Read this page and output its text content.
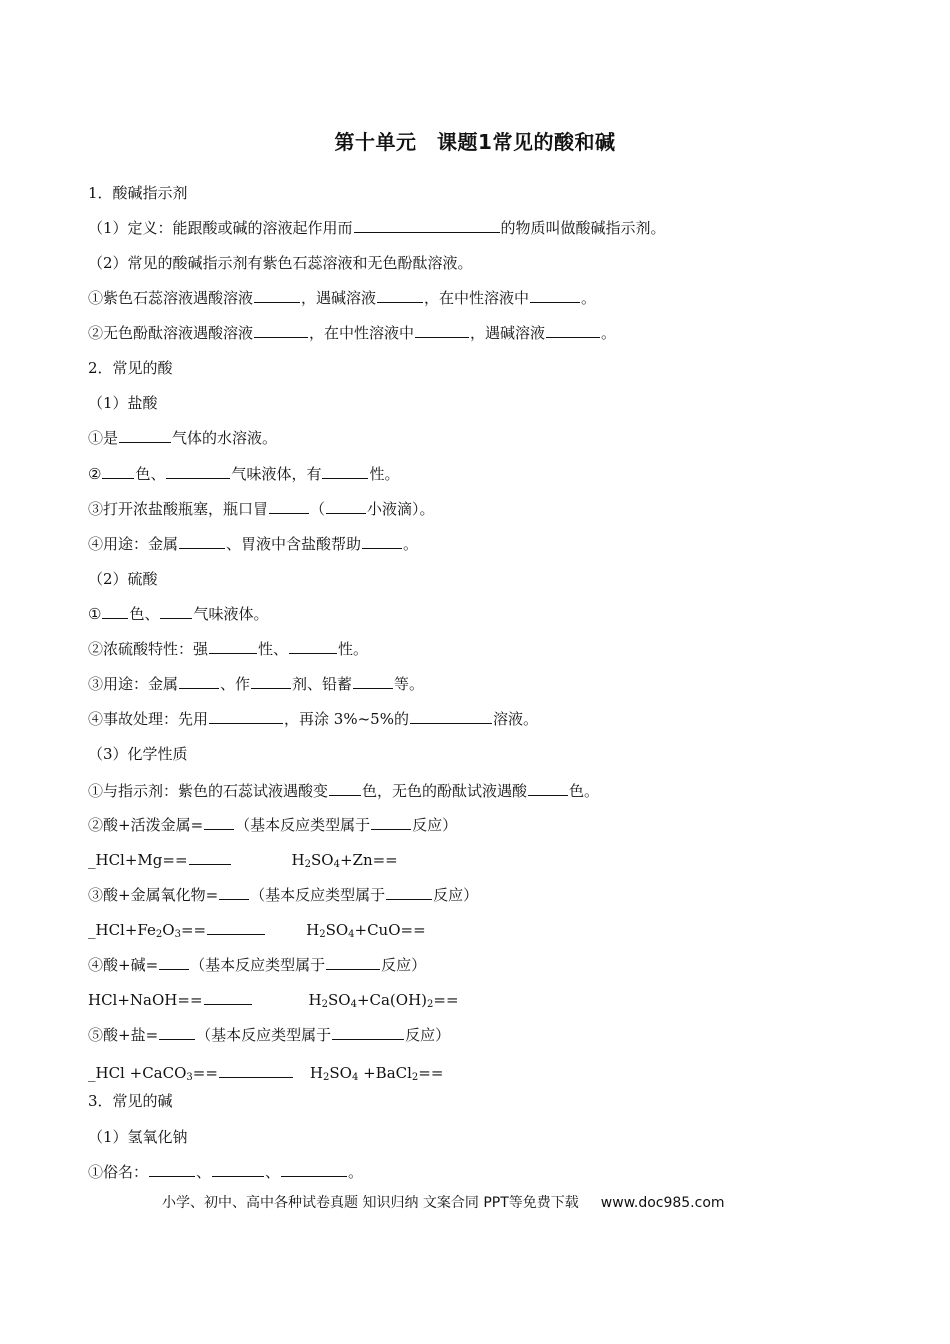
第十单元　课题1常见的酸和碱
1．酸碱指示剂
（1）定义：能跟酸或碱的溶液起作用而	的物质叫做酸碱指示剂。
（2）常见的酸碱指示剂有紫色石蕊溶液和无色酚酞溶液。
①紫色石蕊溶液遇酸溶液	，遇碱溶液	，在中性溶液中	。
②无色酚酞溶液遇酸溶液	，在中性溶液中	，遇碱溶液	。
2．常见的酸
（1）盐酸
①是	气体的水溶液。
② 色、	气味液体，有	性。
③打开浓盐酸瓶塞，瓶口冒	（	小液滴）。
④用途：金属	、胃液中含盐酸帮助	。
（2）硫酸
① 色、 气味液体。
②浓硫酸特性：强	性、	性。
③用途：金属	、作	剂、铅蓄	等。
④事故处理：先用	，再涂 3%~5%的	溶液。
（3）化学性质
①与指示剂：紫色的石蕊试液遇酸变 色，无色的酚酞试液遇酸	色。
②酸+活泼金属= （基本反应类型属于	反应）
_HCl+Mg==	$H_2SO_4+Zn==$
③酸+金属氧化物= （基本反应类型属于	反应）
$\_HCl+Fe_2O_3==$	$H_2SO_4+CuO==$
④酸+碱= （基本反应类型属于	反应）
HCl+NaOH==	$H_2SO_4+Ca(OH)_2==$
⑤酸+盐=	（基本反应类型属于	反应）
_HCl +CaCO$_3$==	$H_2SO_4$ +BaCl$_2$==
3．常见的碱
（1）氢氧化钠
①俗名：	、	、	。
小学、初中、高中各种试卷真题 知识归纳 文案合同 PPT等免费下载 www.doc985.com
